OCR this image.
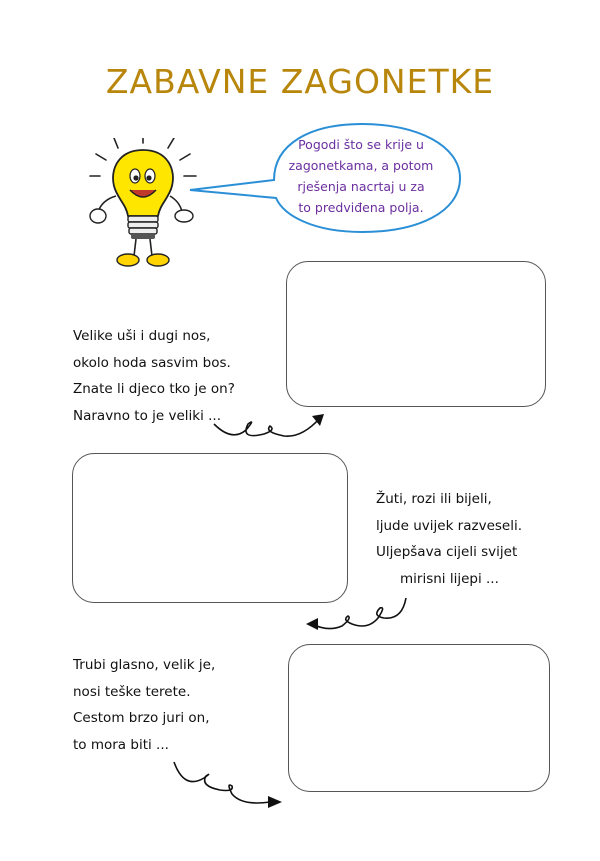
ZABAVNE ZAGONETKE
Pogodi što se krije u
zagonetkama, a potom
rješenja nacrtaj u za
to predviđena polja.
Velike uši i dugi nos,
okolo hoda sasvim bos.
Znate li djeco tko je on?
Naravno to je veliki ...
Žuti, rozi ili bijeli,
ljude uvijek razveseli.
Uljepšava cijeli svijet
mirisni lijepi ...
Trubi glasno, velik je,
nosi teške terete.
Cestom brzo juri on,
to mora biti ...
